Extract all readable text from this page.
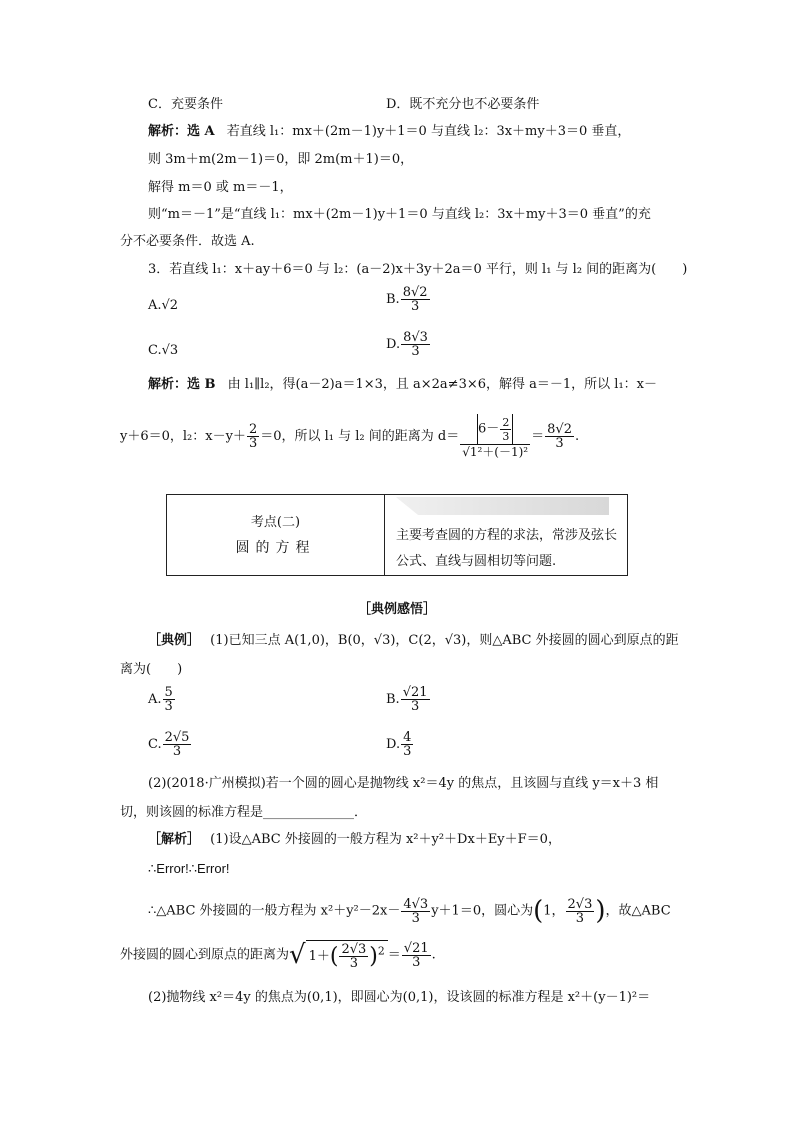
C．充要条件	D．既不充分也不必要条件
解析：选 A 若直线 l₁：mx＋(2m－1)y＋1＝0 与直线 l₂：3x＋my＋3＝0 垂直，
则 3m＋m(2m－1)＝0，即 2m(m＋1)＝0，
解得 m＝0 或 m＝－1，
则“m＝－1”是“直线 l₁：mx＋(2m－1)y＋1＝0 与直线 l₂：3x＋my＋3＝0 垂直”的充
分不必要条件．故选 A.
3．若直线 l₁：x＋ay＋6＝0 与 l₂：(a－2)x＋3y＋2a＝0 平行，则 l₁ 与 l₂ 间的距离为(　　)
A.√2	B. $\frac{8√2}{3}$
C.√3	D. $\frac{8√3}{3}$
解析：选 B 由 l₁∥l₂，得(a－2)a＝1×3，且 a×2a≠3×6，解得 a＝－1，所以 l₁：x－
y＋6＝0，l₂：$x-y+ \frac{2}{3} =0$，所以 l₁ 与 l₂ 间的距离为 $d= \frac{6- \frac{2}{3}}{\text{√1²＋(－1)²}} = \frac{8√2}{3}$ .
考点(二)
圆的方程
主要考查圆的方程的求法，常涉及弦长公式、直线与圆相切等问题.
［典例感悟］
［典例］ (1)已知三点 A(1,0)，B(0，√3)，C(2，√3)，则△ABC 外接圆的圆心到原点的距
离为(　　)
A. $\frac{5}{3}$	B. $\frac{√21}{3}$
C. $\frac{2√5}{3}$	D. $\frac{4}{3}$
(2)(2018·广州模拟)若一个圆的圆心是抛物线 x²＝4y 的焦点，且该圆与直线 y＝x＋3 相
切，则该圆的标准方程是______________．
［解析］ (1)设△ABC 外接圆的一般方程为 x²＋y²＋Dx＋Ey＋F＝0，
∴Error!∴Error!
∴△ABC 外接圆的一般方程为 $x^2+y^2-2x- \frac{4√3}{3} y+1=0$，圆心为(1， $\frac{2√3}{3}$ )，故△ABC
外接圆的圆心到原点的距离为√ $1+( \frac{2√3}{3} )^2 = \frac{√21}{3}$ .
(2)抛物线 x²＝4y 的焦点为(0,1)，即圆心为(0,1)，设该圆的标准方程是 x²＋(y－1)²＝
